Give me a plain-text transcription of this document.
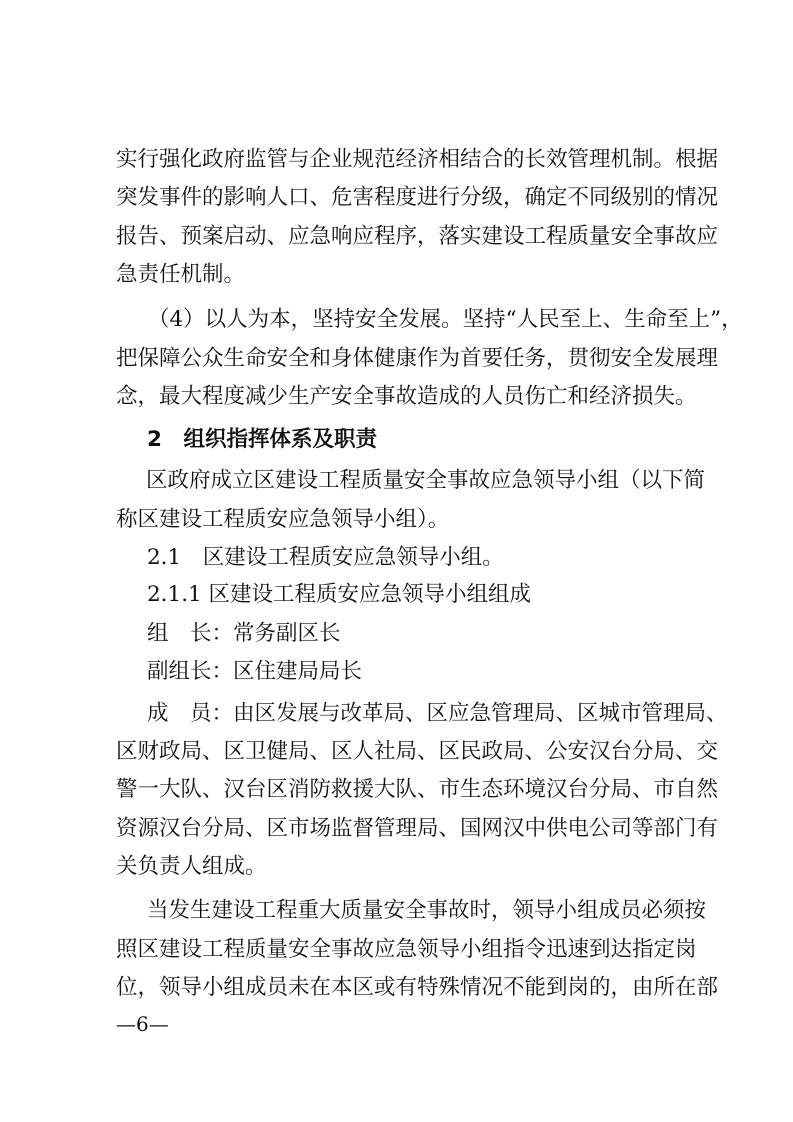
实行强化政府监管与企业规范经济相结合的长效管理机制。根据
突发事件的影响人口、危害程度进行分级，确定不同级别的情况
报告、预案启动、应急响应程序，落实建设工程质量安全事故应
急责任机制。
（4）以人为本，坚持安全发展。坚持“人民至上、生命至上”，
把保障公众生命安全和身体健康作为首要任务，贯彻安全发展理
念，最大程度减少生产安全事故造成的人员伤亡和经济损失。
2　组织指挥体系及职责
区政府成立区建设工程质量安全事故应急领导小组（以下简
称区建设工程质安应急领导小组）。
2.1　区建设工程质安应急领导小组。
2.1.1 区建设工程质安应急领导小组组成
组　长：常务副区长
副组长：区住建局局长
成　员：由区发展与改革局、区应急管理局、区城市管理局、
区财政局、区卫健局、区人社局、区民政局、公安汉台分局、交
警一大队、汉台区消防救援大队、市生态环境汉台分局、市自然
资源汉台分局、区市场监督管理局、国网汉中供电公司等部门有
关负责人组成。
当发生建设工程重大质量安全事故时，领导小组成员必须按
照区建设工程质量安全事故应急领导小组指令迅速到达指定岗
位，领导小组成员未在本区或有特殊情况不能到岗的，由所在部
—6—
